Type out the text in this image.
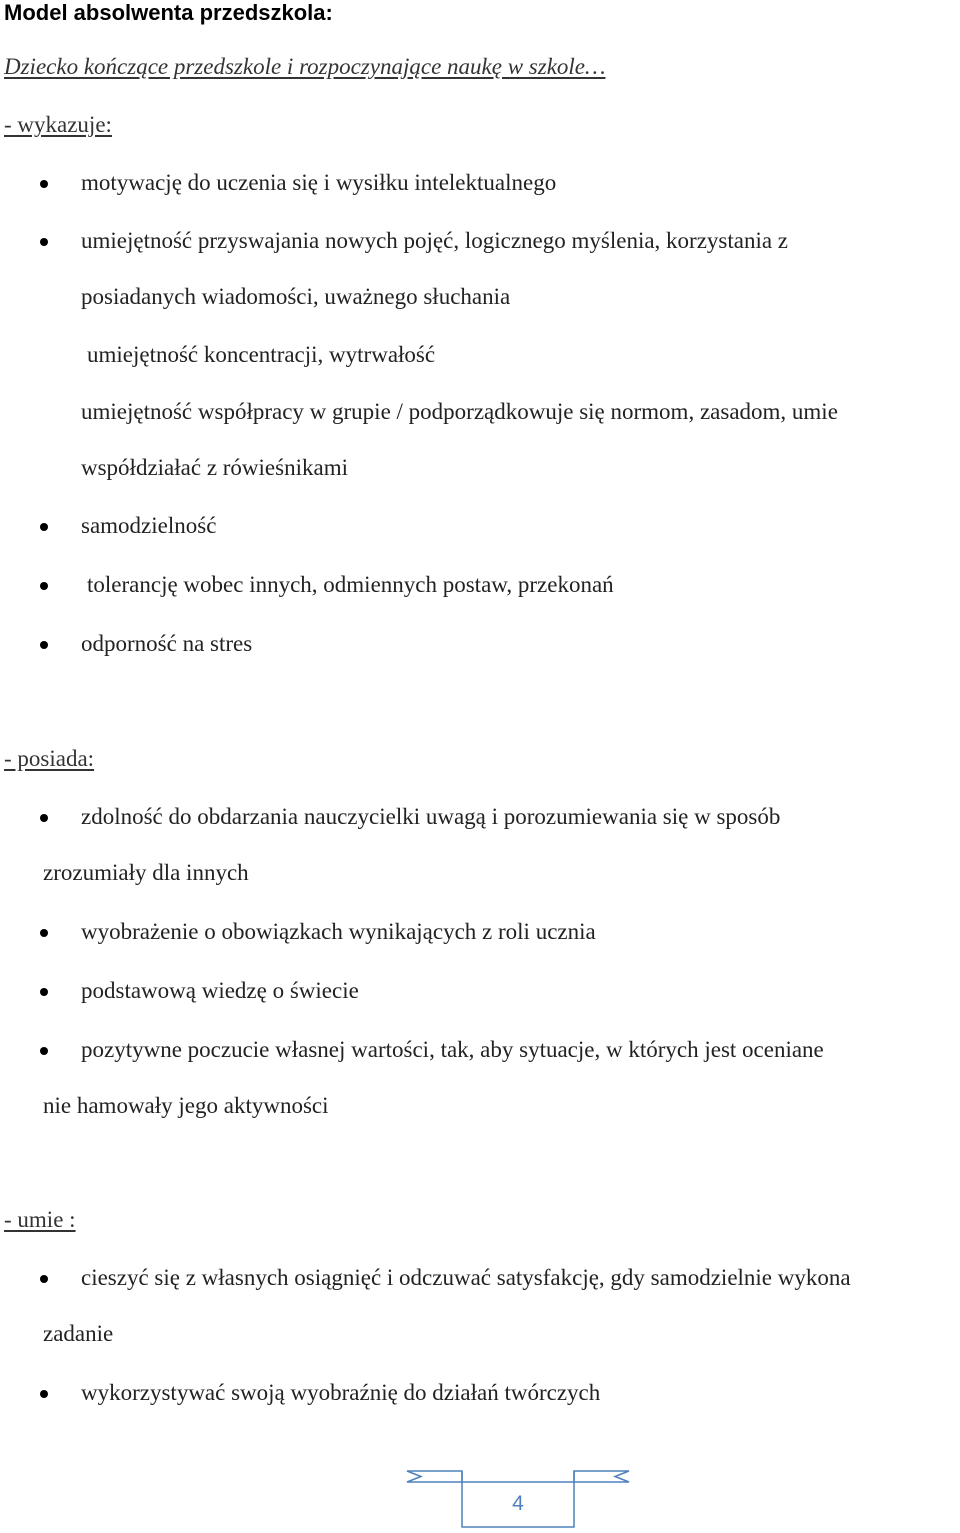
Model absolwenta przedszkola:
Dziecko kończące przedszkole i rozpoczynające naukę w szkole…
- wykazuje:
motywację do uczenia się i wysiłku intelektualnego
umiejętność przyswajania nowych pojęć, logicznego myślenia, korzystania z
posiadanych wiadomości, uważnego słuchania
umiejętność koncentracji, wytrwałość
umiejętność współpracy w grupie / podporządkowuje się normom, zasadom, umie
współdziałać z rówieśnikami
samodzielność
tolerancję wobec innych, odmiennych postaw, przekonań
odporność na stres
- posiada:
zdolność do obdarzania nauczycielki uwagą i porozumiewania się w sposób
zrozumiały dla innych
wyobrażenie o obowiązkach wynikających z roli ucznia
podstawową wiedzę o świecie
pozytywne poczucie własnej wartości, tak, aby sytuacje, w których jest oceniane
nie hamowały jego aktywności
- umie :
cieszyć się z własnych osiągnięć i odczuwać satysfakcję, gdy samodzielnie wykona
zadanie
wykorzystywać swoją wyobraźnię do działań twórczych
4
